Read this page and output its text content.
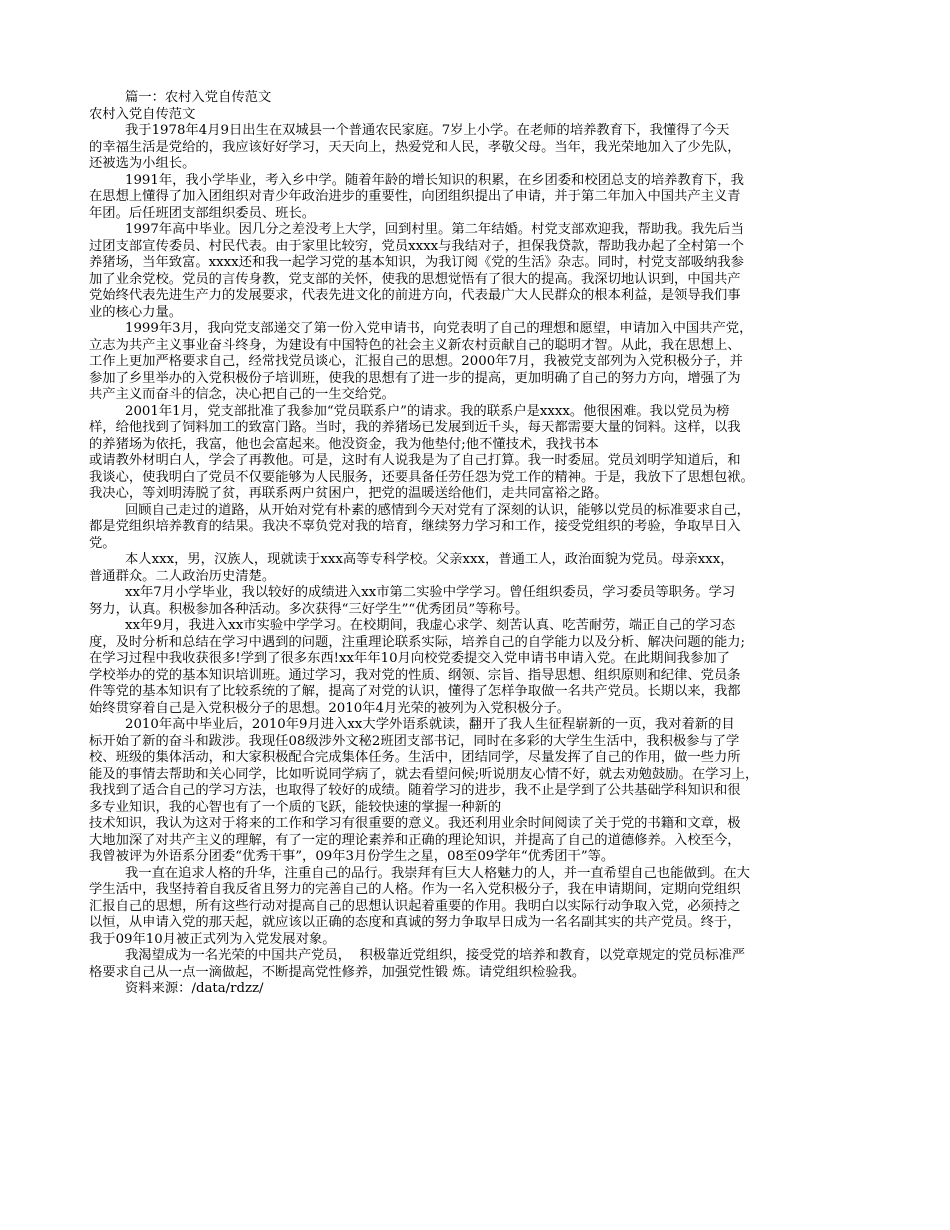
篇一：农村入党自传范文

农村入党自传范文

我于1978年4月9日出生在双城县一个普通农民家庭。7岁上小学。在老师的培养教育下，我懂得了今天

的幸福生活是党给的，我应该好好学习，天天向上，热爱党和人民，孝敬父母。当年，我光荣地加入了少先队，

还被选为小组长。

1991年，我小学毕业，考入乡中学。随着年龄的增长知识的积累，在乡团委和校团总支的培养教育下，我

在思想上懂得了加入团组织对青少年政治进步的重要性，向团组织提出了申请，并于第二年加入中国共产主义青

年团。后任班团支部组织委员、班长。

1997年高中毕业。因几分之差没考上大学，回到村里。第二年结婚。村党支部欢迎我，帮助我。我先后当

过团支部宣传委员、村民代表。由于家里比较穷，党员xxxx与我结对子，担保我贷款，帮助我办起了全村第一个

养猪场，当年致富。xxxx还和我一起学习党的基本知识，为我订阅《党的生活》杂志。同时，村党支部吸纳我参

加了业余党校。党员的言传身教，党支部的关怀，使我的思想觉悟有了很大的提高。我深切地认识到，中国共产

党始终代表先进生产力的发展要求，代表先进文化的前进方向，代表最广大人民群众的根本利益，是领导我们事

业的核心力量。

1999年3月，我向党支部递交了第一份入党申请书，向党表明了自己的理想和愿望，申请加入中国共产党，

立志为共产主义事业奋斗终身，为建设有中国特色的社会主义新农村贡献自己的聪明才智。从此，我在思想上、

工作上更加严格要求自己，经常找党员谈心，汇报自己的思想。2000年7月，我被党支部列为入党积极分子，并

参加了乡里举办的入党积极份子培训班，使我的思想有了进一步的提高，更加明确了自己的努力方向，增强了为

共产主义而奋斗的信念，决心把自己的一生交给党。

2001年1月，党支部批准了我参加“党员联系户”的请求。我的联系户是xxxx。他很困难。我以党员为榜

样，给他找到了饲料加工的致富门路。当时，我的养猪场已发展到近千头，每天都需要大量的饲料。这样，以我

的养猪场为依托，我富，他也会富起来。他没资金，我为他垫付;他不懂技术，我找书本

或请教外材明白人，学会了再教他。可是，这时有人说我是为了自己打算。我一时委屈。党员刘明学知道后，和

我谈心，使我明白了党员不仅要能够为人民服务，还要具备任劳任怨为党工作的精神。于是，我放下了思想包袱。

我决心，等刘明涛脱了贫，再联系两户贫困户，把党的温暖送给他们，走共同富裕之路。

回顾自己走过的道路，从开始对党有朴素的感情到今天对党有了深刻的认识，能够以党员的标准要求自己，

都是党组织培养教育的结果。我决不辜负党对我的培育，继续努力学习和工作，接受党组织的考验，争取早日入

党。

本人xxx，男，汉族人，现就读于xxx高等专科学校。父亲xxx，普通工人，政治面貌为党员。母亲xxx，

普通群众。二人政治历史清楚。

xx年7月小学毕业，我以较好的成绩进入xx市第二实验中学学习。曾任组织委员，学习委员等职务。学习

努力，认真。积极参加各种活动。多次获得“三好学生”“优秀团员”等称号。

xx年9月，我进入xx市实验中学学习。在校期间，我虚心求学、刻苦认真、吃苦耐劳，端正自己的学习态

度，及时分析和总结在学习中遇到的问题，注重理论联系实际，培养自己的自学能力以及分析、解决问题的能力;

在学习过程中我收获很多!学到了很多东西!xx年年10月向校党委提交入党申请书申请入党。在此期间我参加了

学校举办的党的基本知识培训班。通过学习，我对党的性质、纲领、宗旨、指导思想、组织原则和纪律、党员条

件等党的基本知识有了比较系统的了解，提高了对党的认识，懂得了怎样争取做一名共产党员。长期以来，我都

始终贯穿着自己是入党积极分子的思想。2010年4月光荣的被列为入党积极分子。

2010年高中毕业后，2010年9月进入xx大学外语系就读，翻开了我人生征程崭新的一页，我对着新的目

标开始了新的奋斗和跋涉。我现任08级涉外文秘2班团支部书记，同时在多彩的大学生生活中，我积极参与了学

校、班级的集体活动，和大家积极配合完成集体任务。生活中，团结同学，尽量发挥了自己的作用，做一些力所

能及的事情去帮助和关心同学，比如听说同学病了，就去看望问候;听说朋友心情不好，就去劝勉鼓励。在学习上，

我找到了适合自己的学习方法，也取得了较好的成绩。随着学习的进步，我不止是学到了公共基础学科知识和很

多专业知识，我的心智也有了一个质的飞跃，能较快速的掌握一种新的

技术知识，我认为这对于将来的工作和学习有很重要的意义。我还利用业余时间阅读了关于党的书籍和文章，极

大地加深了对共产主义的理解，有了一定的理论素养和正确的理论知识，并提高了自己的道德修养。入校至今，

我曾被评为外语系分团委“优秀干事”，09年3月份学生之星，08至09学年“优秀团干”等。

我一直在追求人格的升华，注重自己的品行。我崇拜有巨大人格魅力的人，并一直希望自己也能做到。在大

学生活中，我坚持着自我反省且努力的完善自己的人格。作为一名入党积极分子，我在申请期间，定期向党组织

汇报自己的思想，所有这些行动对提高自己的思想认识起着重要的作用。我明白以实际行动争取入党，必须持之

以恒，从申请入党的那天起，就应该以正确的态度和真诚的努力争取早日成为一名名副其实的共产党员。终于，

我于09年10月被正式列为入党发展对象。

我渴望成为一名光荣的中国共产党员，  积极靠近党组织，接受党的培养和教育，以党章规定的党员标准严

格要求自己从一点一滴做起，不断提高党性修养，加强党性锻 炼。请党组织检验我。

资料来源：/data/rdzz/
